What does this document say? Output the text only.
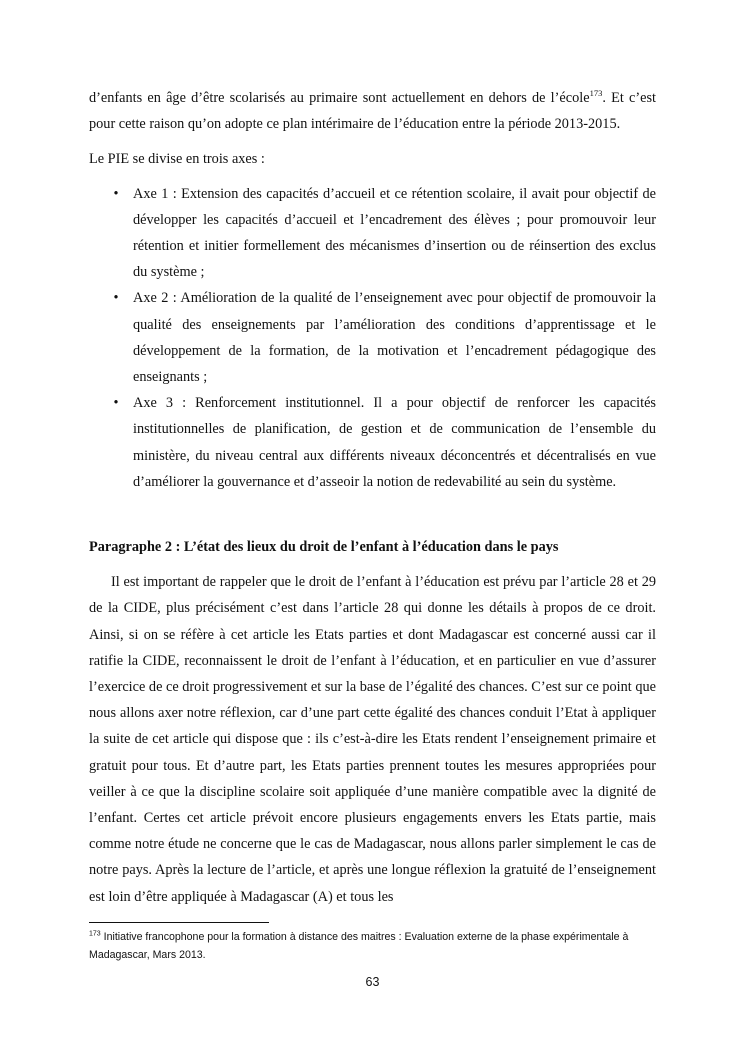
d’enfants en âge d’être scolarisés au primaire sont actuellement en dehors de l’école$^{173}$. Et c’est pour cette raison qu’on adopte ce plan intérimaire de l’éducation entre la période 2013-2015.

Le PIE se divise en trois axes :

•	Axe 1 : Extension des capacités d’accueil et ce rétention scolaire, il avait pour objectif de développer les capacités d’accueil et l’encadrement des élèves ; pour promouvoir leur rétention et initier formellement des mécanismes d’insertion ou de réinsertion des exclus du système ;
•	Axe 2 : Amélioration de la qualité de l’enseignement avec pour objectif de promouvoir la qualité des enseignements par l’amélioration des conditions d’apprentissage et le développement de la formation, de la motivation et l’encadrement pédagogique des enseignants ;
•	Axe 3 : Renforcement institutionnel. Il a pour objectif de renforcer les capacités institutionnelles de planification, de gestion et de communication de l’ensemble du ministère, du niveau central aux différents niveaux déconcentrés et décentralisés en vue d’améliorer la gouvernance et d’asseoir la notion de redevabilité au sein du système.

Paragraphe 2 : L’état des lieux du droit de l’enfant à l’éducation dans le pays

Il est important de rappeler que le droit de l’enfant à l’éducation est prévu par l’article 28 et 29 de la CIDE, plus précisément c’est dans l’article 28 qui donne les détails à propos de ce droit. Ainsi, si on se réfère à cet article les Etats parties et dont Madagascar est concerné aussi car il ratifie la CIDE, reconnaissent le droit de l’enfant à l’éducation, et en particulier en vue d’assurer l’exercice de ce droit progressivement et sur la base de l’égalité des chances. C’est sur ce point que nous allons axer notre réflexion, car d’une part cette égalité des chances conduit l’Etat à appliquer la suite de cet article qui dispose que : ils c’est-à-dire les Etats rendent l’enseignement primaire et gratuit pour tous. Et d’autre part, les Etats parties prennent toutes les mesures appropriées pour veiller à ce que la discipline scolaire soit appliquée d’une manière compatible avec la dignité de l’enfant. Certes cet article prévoit encore plusieurs engagements envers les Etats partie, mais comme notre étude ne concerne que le cas de Madagascar, nous allons parler simplement le cas de notre pays. Après la lecture de l’article, et après une longue réflexion la gratuité de l’enseignement est loin d’être appliquée à Madagascar (A) et tous les

$^{173}$ Initiative francophone pour la formation à distance des maitres : Evaluation externe de la phase expérimentale à Madagascar, Mars 2013.
63
